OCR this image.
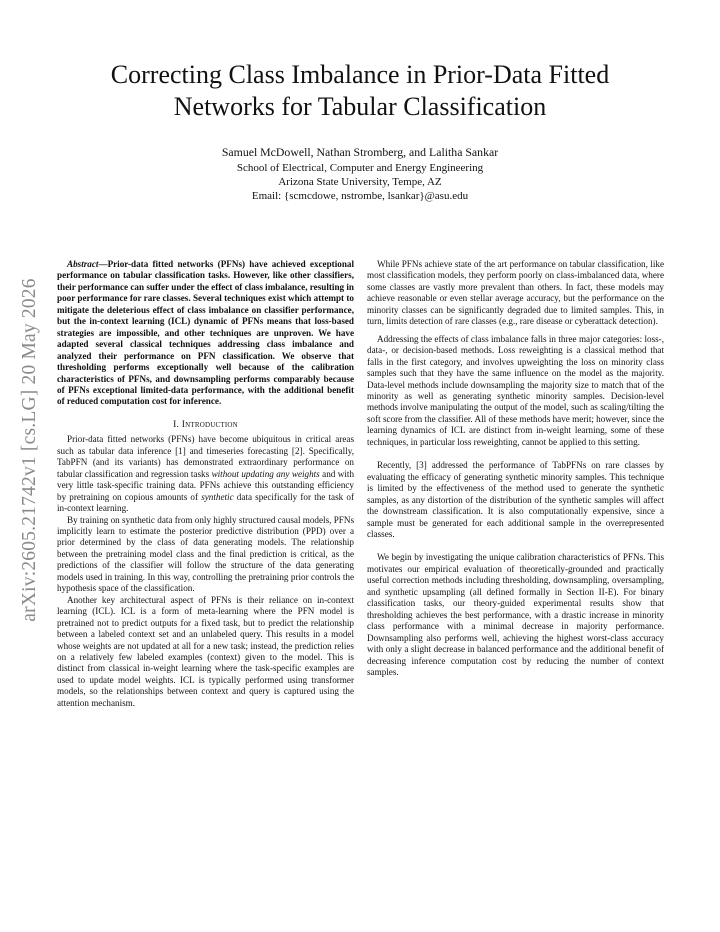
arXiv:2605.21742v1 [cs.LG] 20 May 2026
Correcting Class Imbalance in Prior-Data Fitted
Networks for Tabular Classification
Samuel McDowell, Nathan Stromberg, and Lalitha Sankar
School of Electrical, Computer and Energy Engineering
Arizona State University, Tempe, AZ
Email: {scmcdowe, nstrombe, lsankar}@asu.edu

Abstract—Prior-data fitted networks (PFNs) have achieved exceptional performance on tabular classification tasks. However, like other classifiers, their performance can suffer under the effect of class imbalance, resulting in poor performance for rare classes. Several techniques exist which attempt to mitigate the deleterious effect of class imbalance on classifier performance, but the in-context learning (ICL) dynamic of PFNs means that loss-based strategies are impossible, and other techniques are unproven. We have adapted several classical techniques addressing class imbalance and analyzed their performance on PFN classification. We observe that thresholding performs exceptionally well because of the calibration characteristics of PFNs, and downsampling performs comparably because of PFNs exceptional limited-data performance, with the additional benefit of reduced computation cost for inference.

I. Introduction

Prior-data fitted networks (PFNs) have become ubiquitous in critical areas such as tabular data inference [1] and timeseries forecasting [2]. Specifically, TabPFN (and its variants) has demonstrated extraordinary performance on tabular classification and regression tasks without updating any weights and with very little task-specific training data. PFNs achieve this outstanding efficiency by pretraining on copious amounts of synthetic data specifically for the task of in-context learning.

By training on synthetic data from only highly structured causal models, PFNs implicitly learn to estimate the posterior predictive distribution (PPD) over a prior determined by the class of data generating models. The relationship between the pretraining model class and the final prediction is critical, as the predictions of the classifier will follow the structure of the data generating models used in training. In this way, controlling the pretraining prior controls the hypothesis space of the classification.

Another key architectural aspect of PFNs is their reliance on in-context learning (ICL). ICL is a form of meta-learning where the PFN model is pretrained not to predict outputs for a fixed task, but to predict the relationship between a labeled context set and an unlabeled query. This results in a model whose weights are not updated at all for a new task; instead, the prediction relies on a relatively few labeled examples (context) given to the model. This is distinct from classical in-weight learning where the task-specific examples are used to update model weights. ICL is typically performed using transformer models, so the relationships between context and query is captured using the attention mechanism.

While PFNs achieve state of the art performance on tabular classification, like most classification models, they perform poorly on class-imbalanced data, where some classes are vastly more prevalent than others. In fact, these models may achieve reasonable or even stellar average accuracy, but the performance on the minority classes can be significantly degraded due to limited samples. This, in turn, limits detection of rare classes (e.g., rare disease or cyberattack detection).

Addressing the effects of class imbalance falls in three major categories: loss-, data-, or decision-based methods. Loss reweighting is a classical method that falls in the first category, and involves upweighting the loss on minority class samples such that they have the same influence on the model as the majority. Data-level methods include downsampling the majority size to match that of the minority as well as generating synthetic minority samples. Decision-level methods involve manipulating the output of the model, such as scaling/tilting the soft score from the classifier. All of these methods have merit; however, since the learning dynamics of ICL are distinct from in-weight learning, some of these techniques, in particular loss reweighting, cannot be applied to this setting.

Recently, [3] addressed the performance of TabPFNs on rare classes by evaluating the efficacy of generating synthetic minority samples. This technique is limited by the effectiveness of the method used to generate the synthetic samples, as any distortion of the distribution of the synthetic samples will affect the downstream classification. It is also computationally expensive, since a sample must be generated for each additional sample in the overrepresented classes.

We begin by investigating the unique calibration characteristics of PFNs. This motivates our empirical evaluation of theoretically-grounded and practically useful correction methods including thresholding, downsampling, oversampling, and synthetic upsampling (all defined formally in Section II-E). For binary classification tasks, our theory-guided experimental results show that thresholding achieves the best performance, with a drastic increase in minority class performance with a minimal decrease in majority performance. Downsampling also performs well, achieving the highest worst-class accuracy with only a slight decrease in balanced performance and the additional benefit of decreasing inference computation cost by reducing the number of context samples.
